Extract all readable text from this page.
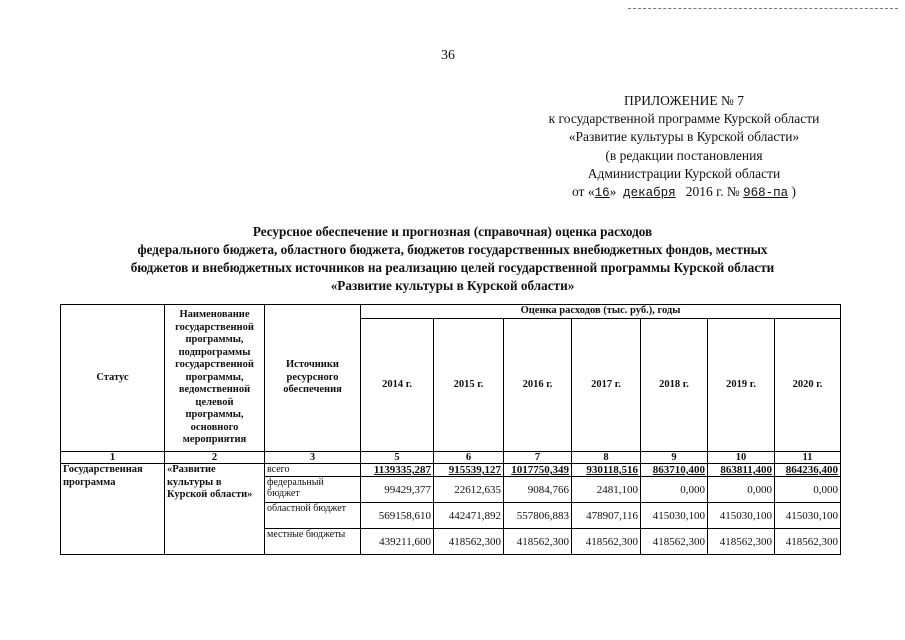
36
ПРИЛОЖЕНИЕ № 7
к государственной программе Курской области
«Развитие культуры в Курской области»
(в редакции постановления
Администрации Курской области
от «16» декабря 2016 г. № 968-па )
Ресурсное обеспечение и прогнозная (справочная) оценка расходов
федерального бюджета, областного бюджета, бюджетов государственных внебюджетных фондов, местных
бюджетов и внебюджетных источников на реализацию целей государственной программы Курской области
«Развитие культуры в Курской области»
Статус	Наименование государственной программы, подпрограммы государственной программы, ведомственной целевой программы, основного мероприятия	Источники ресурсного обеспечения	Оценка расходов (тыс. руб.), годы						
			2014 г.	2015 г.	2016 г.	2017 г.	2018 г.	2019 г.	2020 г.
1	2	3	5	6	7	8	9	10	11
Государственная программа	«Развитие культуры в Курской области»	всего	1139335,287	915539,127	1017750,349	930118,516	863710,400	863811,400	864236,400
		федеральный бюджет	99429,377	22612,635	9084,766	2481,100	0,000	0,000	0,000
		областной бюджет	569158,610	442471,892	557806,883	478907,116	415030,100	415030,100	415030,100
		местные бюджеты	439211,600	418562,300	418562,300	418562,300	418562,300	418562,300	418562,300
